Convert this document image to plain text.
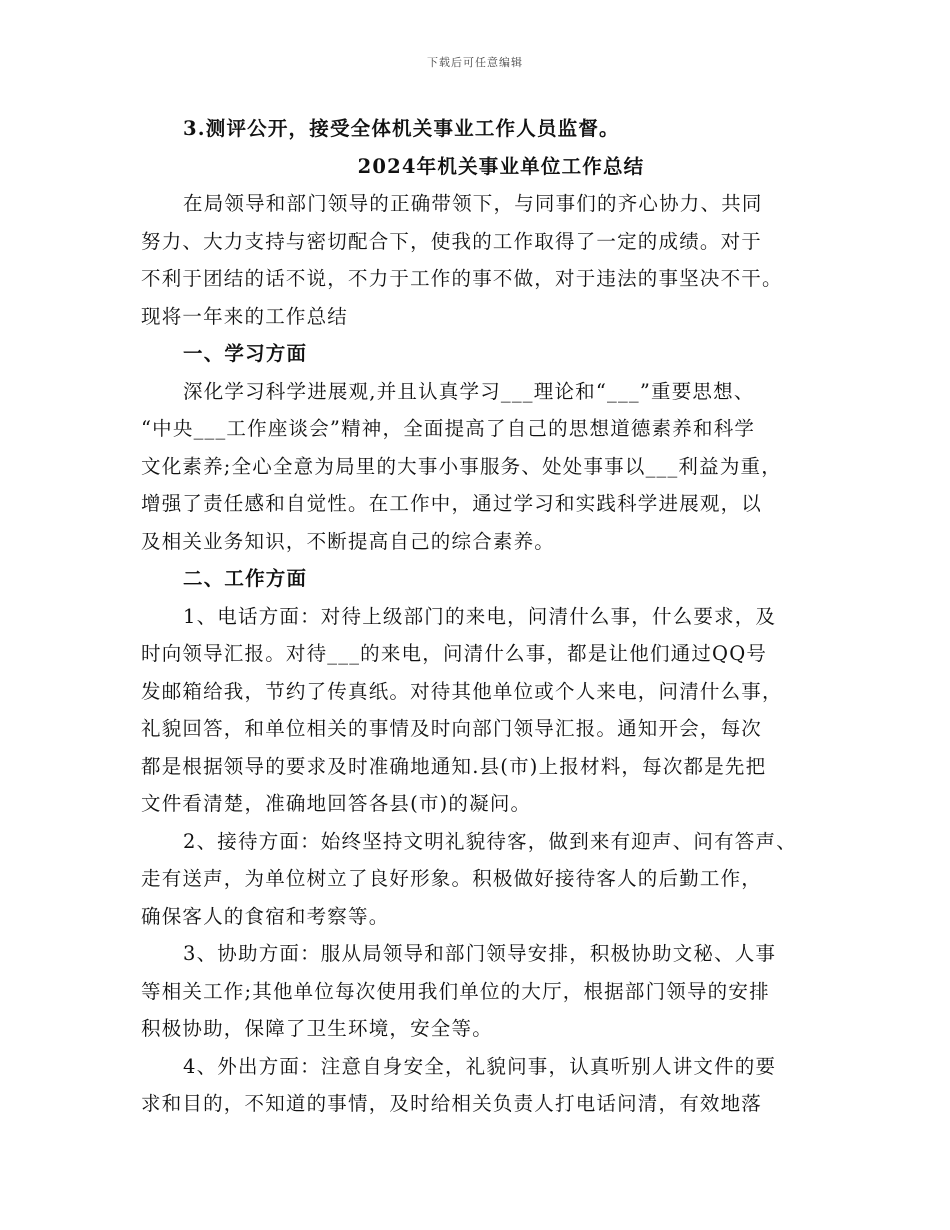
下载后可任意编辑
3.测评公开，接受全体机关事业工作人员监督。
2024年机关事业单位工作总结
在局领导和部门领导的正确带领下，与同事们的齐心协力、共同
努力、大力支持与密切配合下，使我的工作取得了一定的成绩。对于
不利于团结的话不说，不力于工作的事不做，对于违法的事坚决不干。
现将一年来的工作总结
一、学习方面
深化学习科学进展观,并且认真学习___理论和“___”重要思想、
“中央___工作座谈会”精神，全面提高了自己的思想道德素养和科学
文化素养;全心全意为局里的大事小事服务、处处事事以___利益为重，
增强了责任感和自觉性。在工作中，通过学习和实践科学进展观，以
及相关业务知识，不断提高自己的综合素养。
二、工作方面
1、电话方面：对待上级部门的来电，问清什么事，什么要求，及
时向领导汇报。对待___的来电，问清什么事，都是让他们通过QQ号
发邮箱给我，节约了传真纸。对待其他单位或个人来电，问清什么事，
礼貌回答，和单位相关的事情及时向部门领导汇报。通知开会，每次
都是根据领导的要求及时准确地通知.县(市)上报材料，每次都是先把
文件看清楚，准确地回答各县(市)的凝问。
2、接待方面：始终坚持文明礼貌待客，做到来有迎声、问有答声、
走有送声，为单位树立了良好形象。积极做好接待客人的后勤工作，
确保客人的食宿和考察等。
3、协助方面：服从局领导和部门领导安排，积极协助文秘、人事
等相关工作;其他单位每次使用我们单位的大厅，根据部门领导的安排
积极协助，保障了卫生环境，安全等。
4、外出方面：注意自身安全，礼貌问事，认真听别人讲文件的要
求和目的，不知道的事情，及时给相关负责人打电话问清，有效地落
